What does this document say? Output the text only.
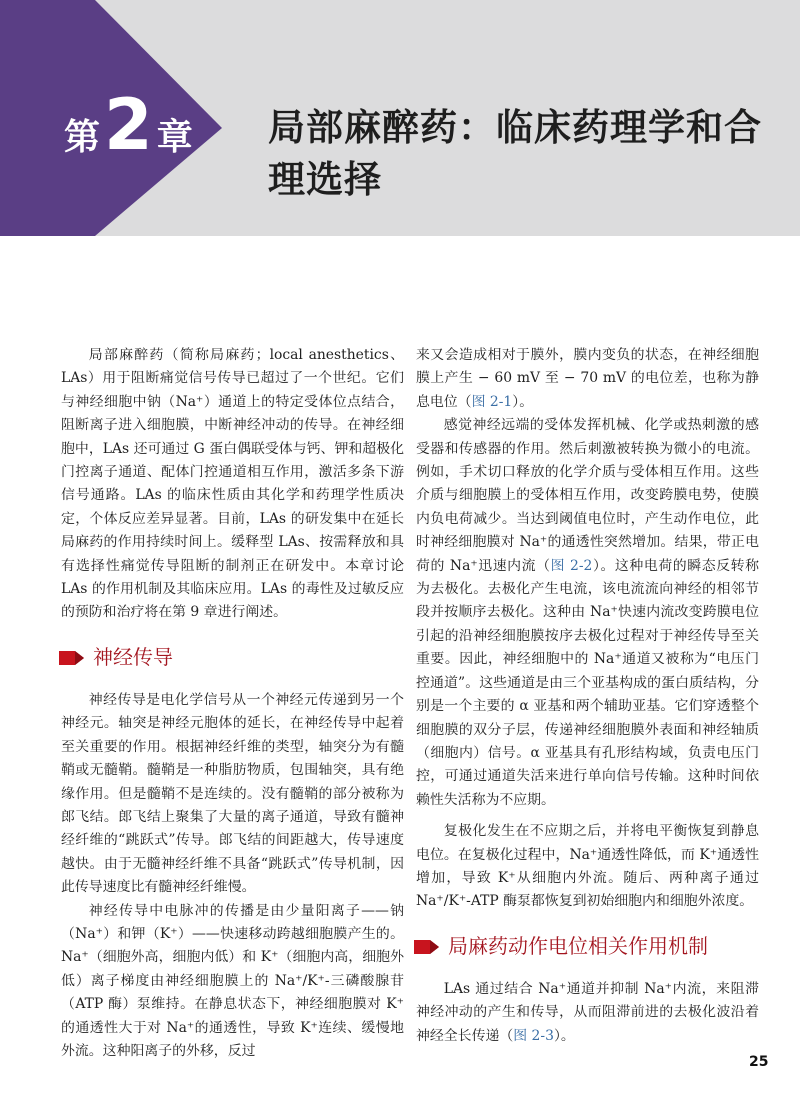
第 2 章 局部麻醉药：临床药理学和合理选择

局部麻醉药（简称局麻药；local anesthetics、LAs）用于阻断痛觉信号传导已超过了一个世纪。它们与神经细胞中钠（Na⁺）通道上的特定受体位点结合，阻断离子进入细胞膜，中断神经冲动的传导。在神经细胞中，LAs 还可通过 G 蛋白偶联受体与钙、钾和超极化门控离子通道、配体门控通道相互作用，激活多条下游信号通路。LAs 的临床性质由其化学和药理学性质决定，个体反应差异显著。目前，LAs 的研发集中在延长局麻药的作用持续时间上。缓释型 LAs、按需释放和具有选择性痛觉传导阻断的制剂正在研发中。本章讨论 LAs 的作用机制及其临床应用。LAs 的毒性及过敏反应的预防和治疗将在第 9 章进行阐述。

神经传导

神经传导是电化学信号从一个神经元传递到另一个神经元。轴突是神经元胞体的延长，在神经传导中起着至关重要的作用。根据神经纤维的类型，轴突分为有髓鞘或无髓鞘。髓鞘是一种脂肪物质，包围轴突，具有绝缘作用。但是髓鞘不是连续的。没有髓鞘的部分被称为郎飞结。郎飞结上聚集了大量的离子通道，导致有髓神经纤维的“跳跃式”传导。郎飞结的间距越大，传导速度越快。由于无髓神经纤维不具备“跳跃式”传导机制，因此传导速度比有髓神经纤维慢。

神经传导中电脉冲的传播是由少量阳离子——钠（Na⁺）和钾（K⁺）——快速移动跨越细胞膜产生的。Na⁺（细胞外高，细胞内低）和 K⁺（细胞内高，细胞外低）离子梯度由神经细胞膜上的 Na⁺/K⁺-三磷酸腺苷（ATP 酶）泵维持。在静息状态下，神经细胞膜对 K⁺的通透性大于对 Na⁺的通透性，导致 K⁺连续、缓慢地外流。这种阳离子的外移，反过

来又会造成相对于膜外，膜内变负的状态，在神经细胞膜上产生 − 60 mV 至 − 70 mV 的电位差，也称为静息电位（图 2-1）。

感觉神经远端的受体发挥机械、化学或热刺激的感受器和传感器的作用。然后刺激被转换为微小的电流。例如，手术切口释放的化学介质与受体相互作用。这些介质与细胞膜上的受体相互作用，改变跨膜电势，使膜内负电荷减少。当达到阈值电位时，产生动作电位，此时神经细胞膜对 Na⁺的通透性突然增加。结果，带正电荷的 Na⁺迅速内流（图 2-2）。这种电荷的瞬态反转称为去极化。去极化产生电流，该电流流向神经的相邻节段并按顺序去极化。这种由 Na⁺快速内流改变跨膜电位引起的沿神经细胞膜按序去极化过程对于神经传导至关重要。因此，神经细胞中的 Na⁺通道又被称为“电压门控通道”。这些通道是由三个亚基构成的蛋白质结构，分别是一个主要的 α 亚基和两个辅助亚基。它们穿透整个细胞膜的双分子层，传递神经细胞膜外表面和神经轴质（细胞内）信号。α 亚基具有孔形结构域，负责电压门控，可通过通道失活来进行单向信号传输。这种时间依赖性失活称为不应期。

复极化发生在不应期之后，并将电平衡恢复到静息电位。在复极化过程中，Na⁺通透性降低，而 K⁺通透性增加，导致 K⁺从细胞内外流。随后、两种离子通过 Na⁺/K⁺-ATP 酶泵都恢复到初始细胞内和细胞外浓度。

局麻药动作电位相关作用机制

LAs 通过结合 Na⁺通道并抑制 Na⁺内流，来阻滞神经冲动的产生和传导，从而阻滞前进的去极化波沿着神经全长传递（图 2-3）。

25
